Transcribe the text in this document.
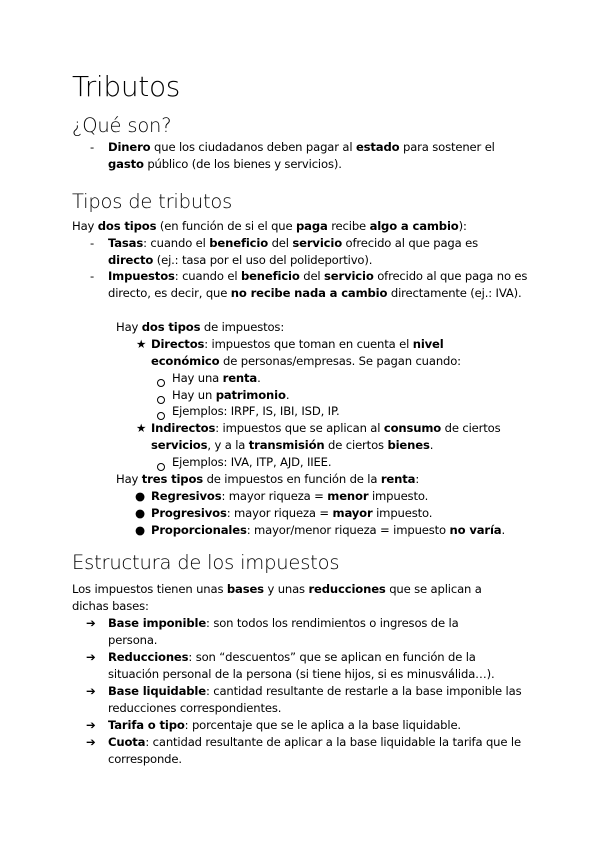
Tributos
¿Qué son?
- Dinero que los ciudadanos deben pagar al estado para sostener el gasto público (de los bienes y servicios).
Tipos de tributos
Hay dos tipos (en función de si el que paga recibe algo a cambio):
- Tasas: cuando el beneficio del servicio ofrecido al que paga es directo (ej.: tasa por el uso del polideportivo).
- Impuestos: cuando el beneficio del servicio ofrecido al que paga no es directo, es decir, que no recibe nada a cambio directamente (ej.: IVA).
Hay dos tipos de impuestos:
★ Directos: impuestos que toman en cuenta el nivel económico de personas/empresas. Se pagan cuando:
Hay una renta.
Hay un patrimonio.
Ejemplos: IRPF, IS, IBI, ISD, IP.
★ Indirectos: impuestos que se aplican al consumo de ciertos servicios, y a la transmisión de ciertos bienes.
Ejemplos: IVA, ITP, AJD, IIEE.
Hay tres tipos de impuestos en función de la renta:
● Regresivos: mayor riqueza = menor impuesto.
● Progresivos: mayor riqueza = mayor impuesto.
● Proporcionales: mayor/menor riqueza = impuesto no varía.
Estructura de los impuestos
Los impuestos tienen unas bases y unas reducciones que se aplican a dichas bases:
➔ Base imponible: son todos los rendimientos o ingresos de la persona.
➔ Reducciones: son “descuentos” que se aplican en función de la situación personal de la persona (si tiene hijos, si es minusválida…).
➔ Base liquidable: cantidad resultante de restarle a la base imponible las reducciones correspondientes.
➔ Tarifa o tipo: porcentaje que se le aplica a la base liquidable.
➔ Cuota: cantidad resultante de aplicar a la base liquidable la tarifa que le corresponde.
